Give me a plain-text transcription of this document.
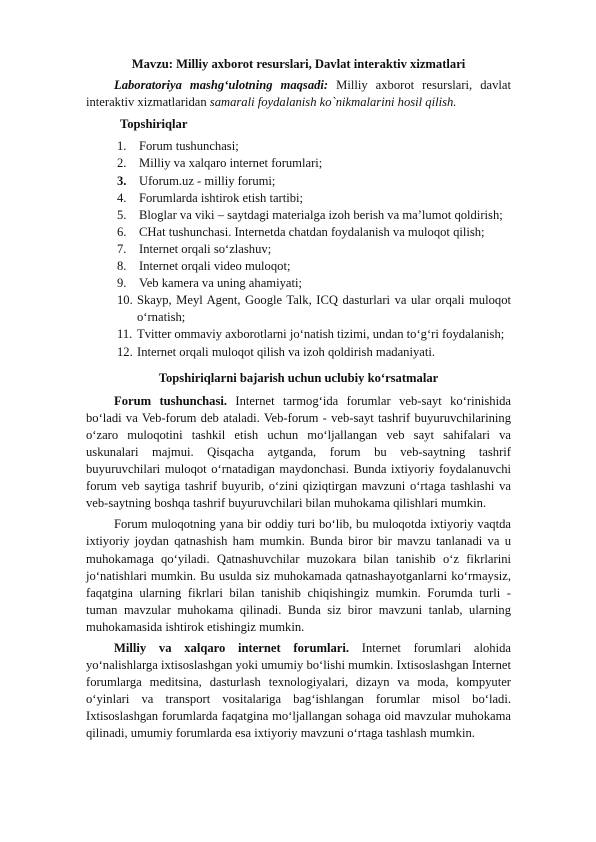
Mavzu: Milliy axborot resurslari, Davlat interaktiv xizmatlari

Laboratoriya mashg‘ulotning maqsadi: Milliy axborot resurslari, davlat interaktiv xizmatlaridan samarali foydalanish ko`nikmalarini hosil qilish.

Topshiriqlar

1. Forum tushunchasi;
2. Milliy va xalqaro internet forumlari;
3. Uforum.uz - milliy forumi;
4. Forumlarda ishtirok etish tartibi;
5. Bloglar va viki – saytdagi materialga izoh berish va ma’lumot qoldirish;
6. CHat tushunchasi. Internetda chatdan foydalanish va muloqot qilish;
7. Internet orqali so‘zlashuv;
8. Internet orqali video muloqot;
9. Veb kamera va uning ahamiyati;
10. Skayp, Meyl Agent, Google Talk, ICQ dasturlari va ular orqali muloqot o‘rnatish;
11. Tvitter ommaviy axborotlarni jo‘natish tizimi, undan to‘g‘ri foydalanish;
12. Internet orqali muloqot qilish va izoh qoldirish madaniyati.

Topshiriqlarni bajarish uchun uclubiy ko‘rsatmalar

Forum tushunchasi. Internet tarmog‘ida forumlar veb-sayt ko‘rinishida bo‘ladi va Veb-forum deb ataladi. Veb-forum - veb-sayt tashrif buyuruvchilarining o‘zaro muloqotini tashkil etish uchun mo‘ljallangan veb sayt sahifalari va uskunalari majmui. Qisqacha aytganda, forum bu veb-saytning tashrif buyuruvchilari muloqot o‘rnatadigan maydonchasi. Bunda ixtiyoriy foydalanuvchi forum veb saytiga tashrif buyurib, o‘zini qiziqtirgan mavzuni o‘rtaga tashlashi va veb-saytning boshqa tashrif buyuruvchilari bilan muhokama qilishlari mumkin.

Forum muloqotning yana bir oddiy turi bo‘lib, bu muloqotda ixtiyoriy vaqtda ixtiyoriy joydan qatnashish ham mumkin. Bunda biror bir mavzu tanlanadi va u muhokamaga qo‘yiladi. Qatnashuvchilar muzokara bilan tanishib o‘z fikrlarini jo‘natishlari mumkin. Bu usulda siz muhokamada qatnashayotganlarni ko‘rmaysiz, faqatgina ularning fikrlari bilan tanishib chiqishingiz mumkin. Forumda turli - tuman mavzular muhokama qilinadi. Bunda siz biror mavzuni tanlab, ularning muhokamasida ishtirok etishingiz mumkin.

Milliy va xalqaro internet forumlari. Internet forumlari alohida yo‘nalishlarga ixtisoslashgan yoki umumiy bo‘lishi mumkin. Ixtisoslashgan Internet forumlarga meditsina, dasturlash texnologiyalari, dizayn va moda, kompyuter o‘yinlari va transport vositalariga bag‘ishlangan forumlar misol bo‘ladi. Ixtisoslashgan forumlarda faqatgina mo‘ljallangan sohaga oid mavzular muhokama qilinadi, umumiy forumlarda esa ixtiyoriy mavzuni o‘rtaga tashlash mumkin.
